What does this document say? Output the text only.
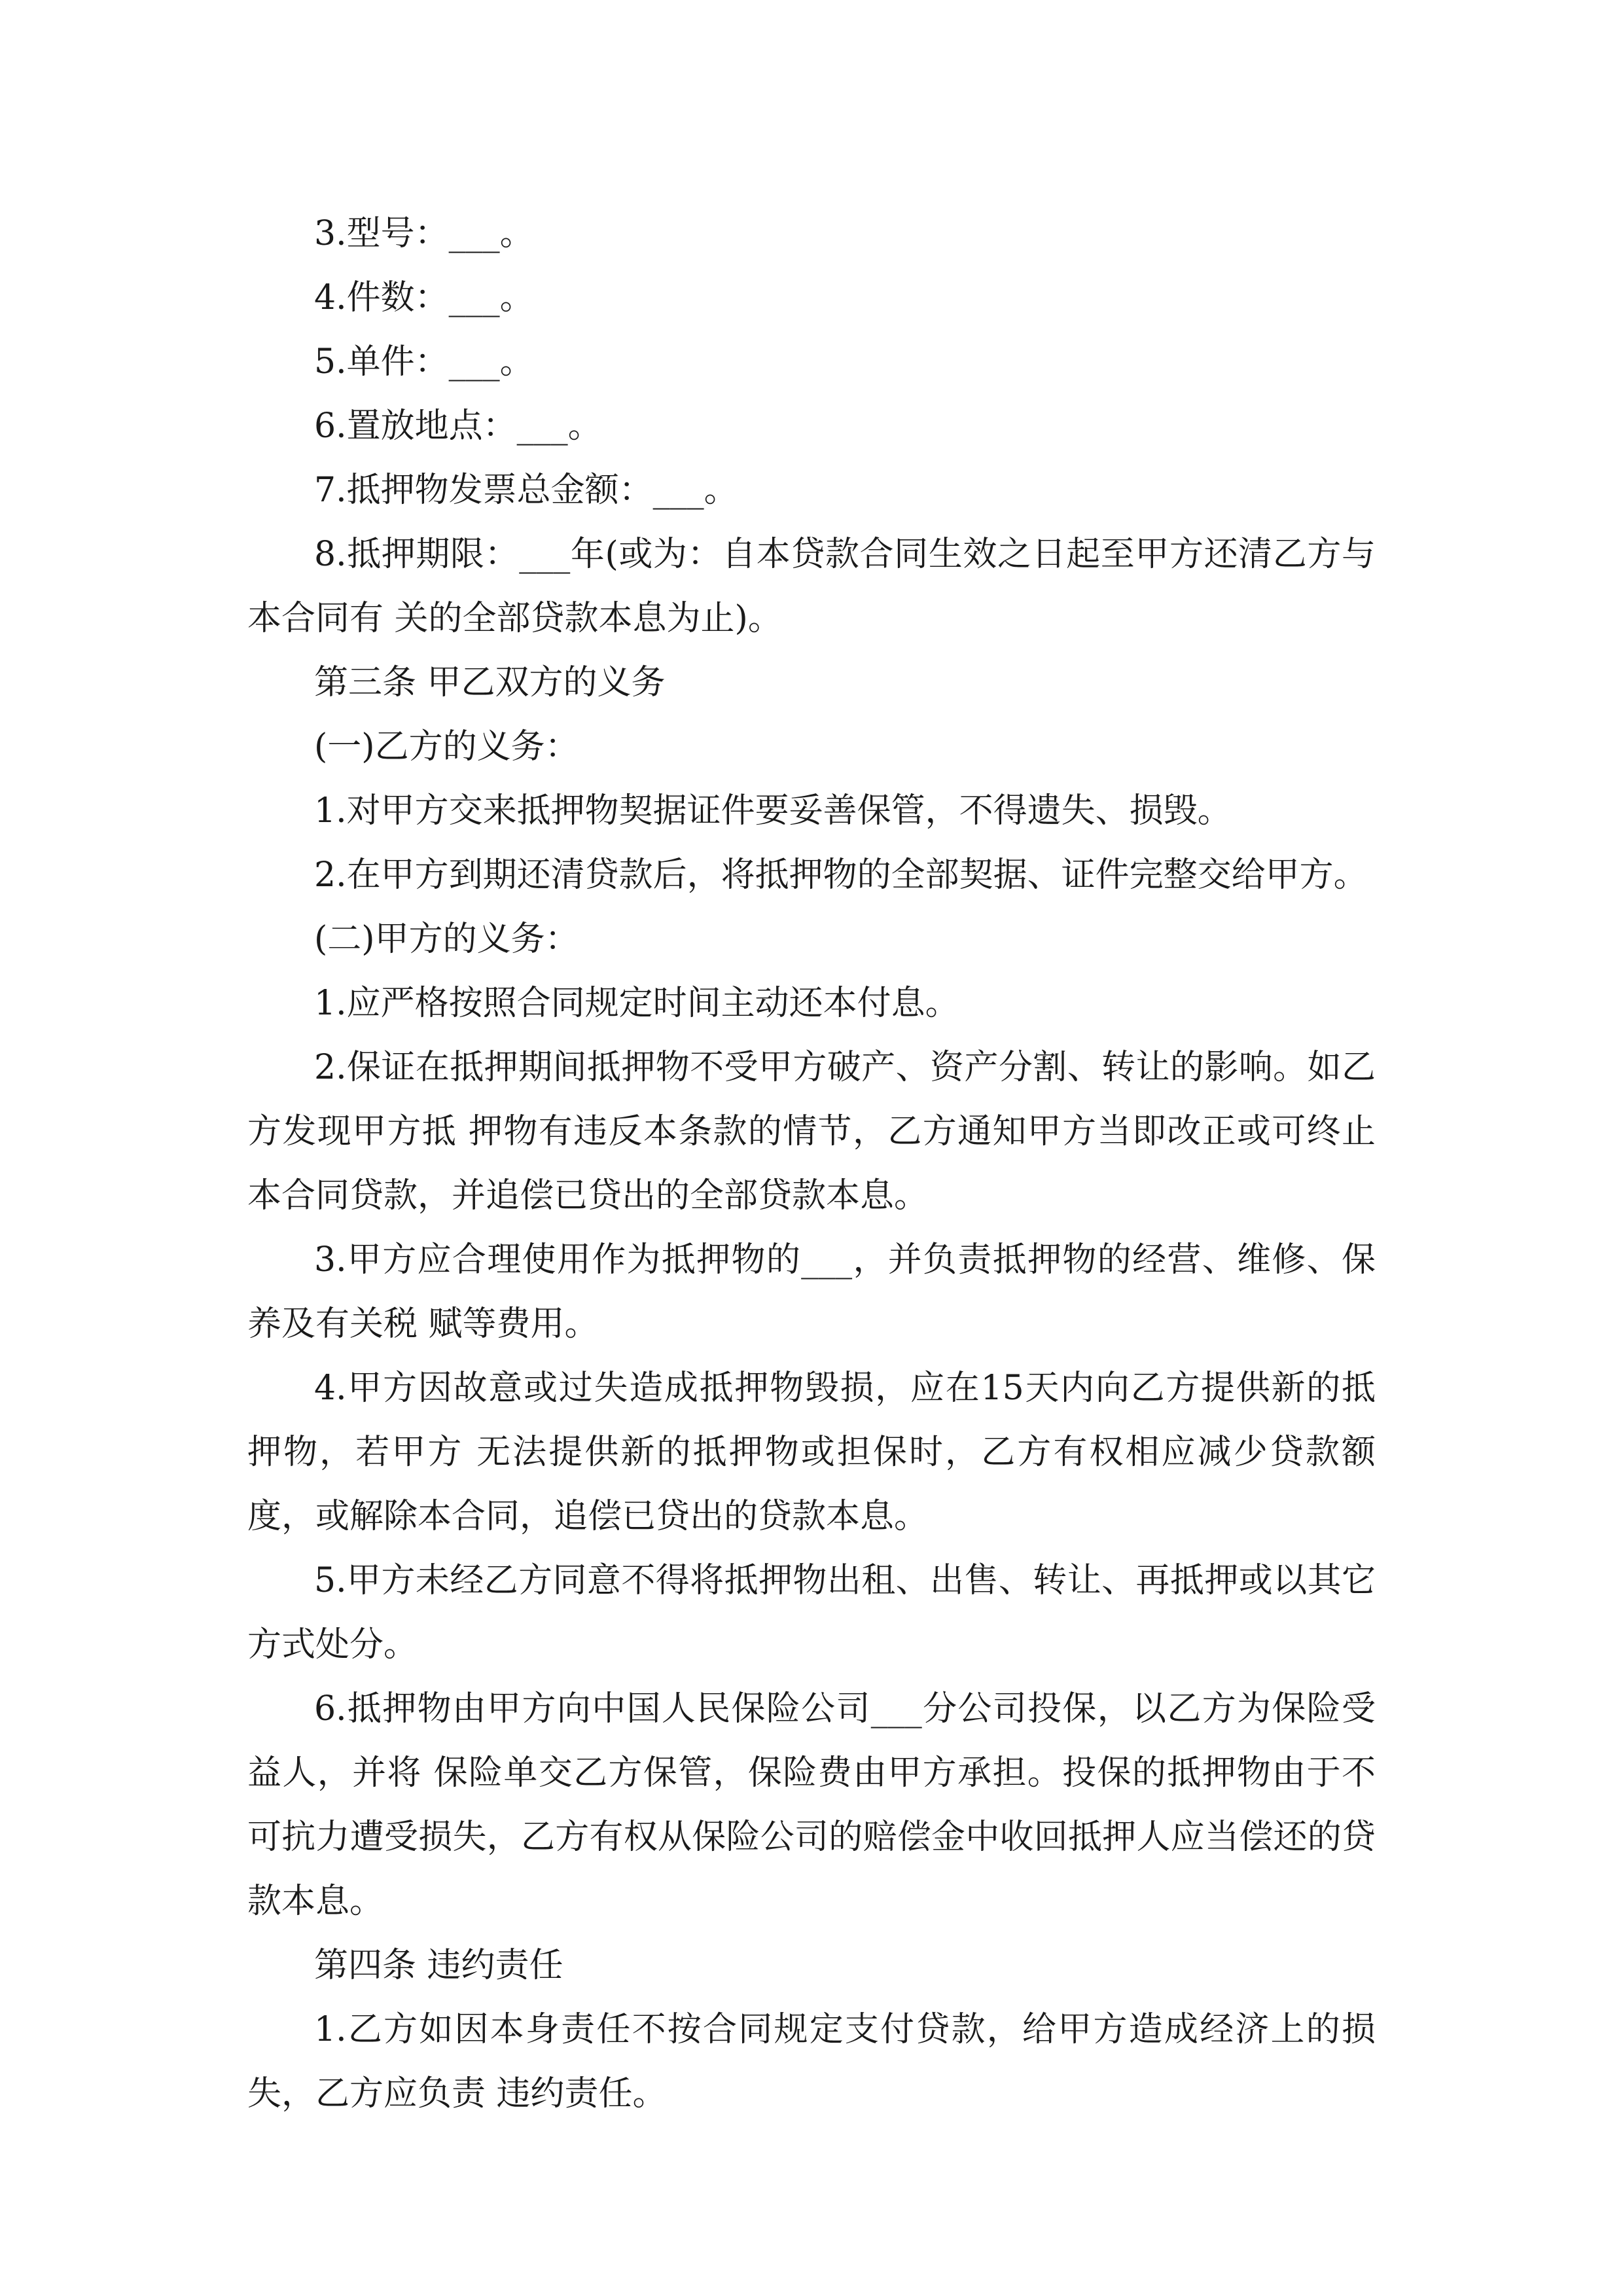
3.型号：___。

4.件数：___。

5.单件：___。

6.置放地点：___。

7.抵押物发票总金额：___。

8.抵押期限：___年(或为：自本贷款合同生效之日起至甲方还清乙方与本合同有 关的全部贷款本息为止)。

第三条 甲乙双方的义务

(一)乙方的义务：

1.对甲方交来抵押物契据证件要妥善保管，不得遗失、损毁。

2.在甲方到期还清贷款后，将抵押物的全部契据、证件完整交给甲方。

(二)甲方的义务：

1.应严格按照合同规定时间主动还本付息。

2.保证在抵押期间抵押物不受甲方破产、资产分割、转让的影响。如乙方发现甲方抵 押物有违反本条款的情节，乙方通知甲方当即改正或可终止本合同贷款，并追偿已贷出的全部贷款本息。

3.甲方应合理使用作为抵押物的___，并负责抵押物的经营、维修、保养及有关税 赋等费用。

4.甲方因故意或过失造成抵押物毁损，应在15天内向乙方提供新的抵押物，若甲方 无法提供新的抵押物或担保时，乙方有权相应减少贷款额度，或解除本合同，追偿已贷出的贷款本息。

5.甲方未经乙方同意不得将抵押物出租、出售、转让、再抵押或以其它方式处分。

6.抵押物由甲方向中国人民保险公司___分公司投保，以乙方为保险受益人，并将 保险单交乙方保管，保险费由甲方承担。投保的抵押物由于不可抗力遭受损失，乙方有权从保险公司的赔偿金中收回抵押人应当偿还的贷款本息。

第四条 违约责任

1.乙方如因本身责任不按合同规定支付贷款，给甲方造成经济上的损失，乙方应负责 违约责任。
